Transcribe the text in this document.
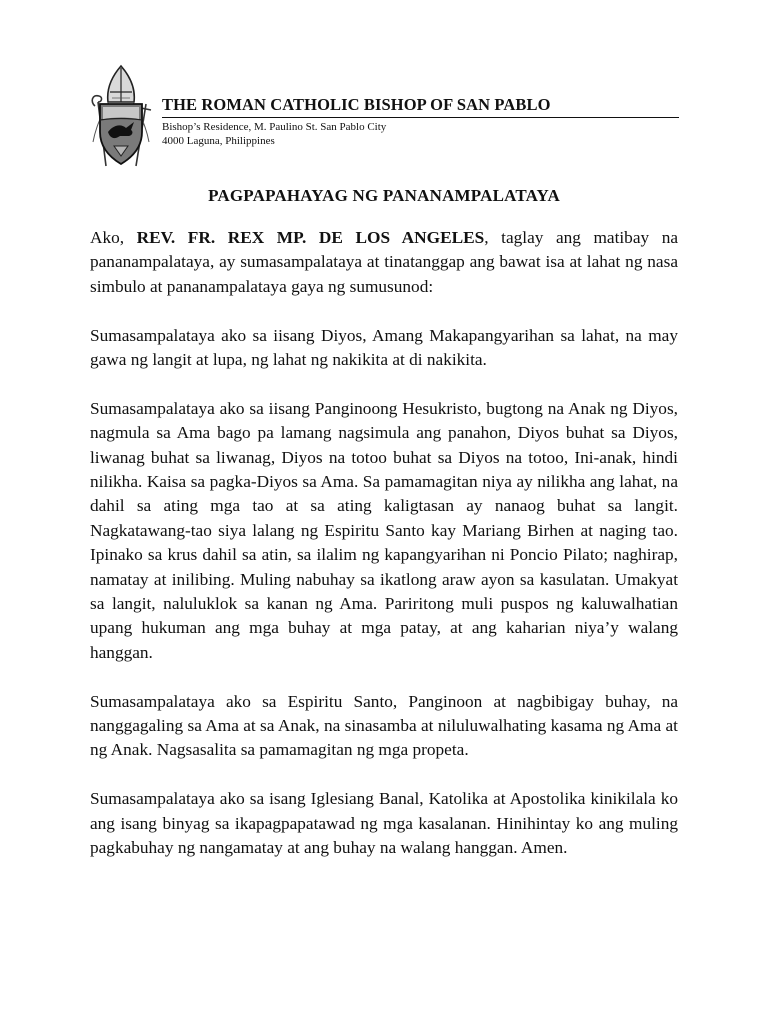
THE ROMAN CATHOLIC BISHOP OF SAN PABLO
Bishop’s Residence, M. Paulino St. San Pablo City
4000 Laguna, Philippines
PAGPAPAHAYAG NG PANANAMPALATAYA

Ako, REV. FR. REX MP. DE LOS ANGELES, taglay ang matibay na pananampalataya, ay sumasampalataya at tinatanggap ang bawat isa at lahat ng nasa simbulo at pananampalataya gaya ng sumusunod:

Sumasampalataya ako sa iisang Diyos, Amang Makapangyarihan sa lahat, na may gawa ng langit at lupa, ng lahat ng nakikita at di nakikita.

Sumasampalataya ako sa iisang Panginoong Hesukristo, bugtong na Anak ng Diyos, nagmula sa Ama bago pa lamang nagsimula ang panahon, Diyos buhat sa Diyos, liwanag buhat sa liwanag, Diyos na totoo buhat sa Diyos na totoo, Ini-anak, hindi nilikha. Kaisa sa pagka-Diyos sa Ama. Sa pamamagitan niya ay nilikha ang lahat, na dahil sa ating mga tao at sa ating kaligtasan ay nanaog buhat sa langit. Nagkatawang-tao siya lalang ng Espiritu Santo kay Mariang Birhen at naging tao. Ipinako sa krus dahil sa atin, sa ilalim ng kapangyarihan ni Poncio Pilato; naghirap, namatay at inilibing. Muling nabuhay sa ikatlong araw ayon sa kasulatan. Umakyat sa langit, naluluklok sa kanan ng Ama. Pariritong muli puspos ng kaluwalhatian upang hukuman ang mga buhay at mga patay, at ang kaharian niya’y walang hanggan.

Sumasampalataya ako sa Espiritu Santo, Panginoon at nagbibigay buhay, na nanggagaling sa Ama at sa Anak, na sinasamba at niluluwalhating kasama ng Ama at ng Anak. Nagsasalita sa pamamagitan ng mga propeta.

Sumasampalataya ako sa isang Iglesiang Banal, Katolika at Apostolika kinikilala ko ang isang binyag sa ikapagpapatawad ng mga kasalanan. Hinihintay ko ang muling pagkabuhay ng nangamatay at ang buhay na walang hanggan. Amen.
